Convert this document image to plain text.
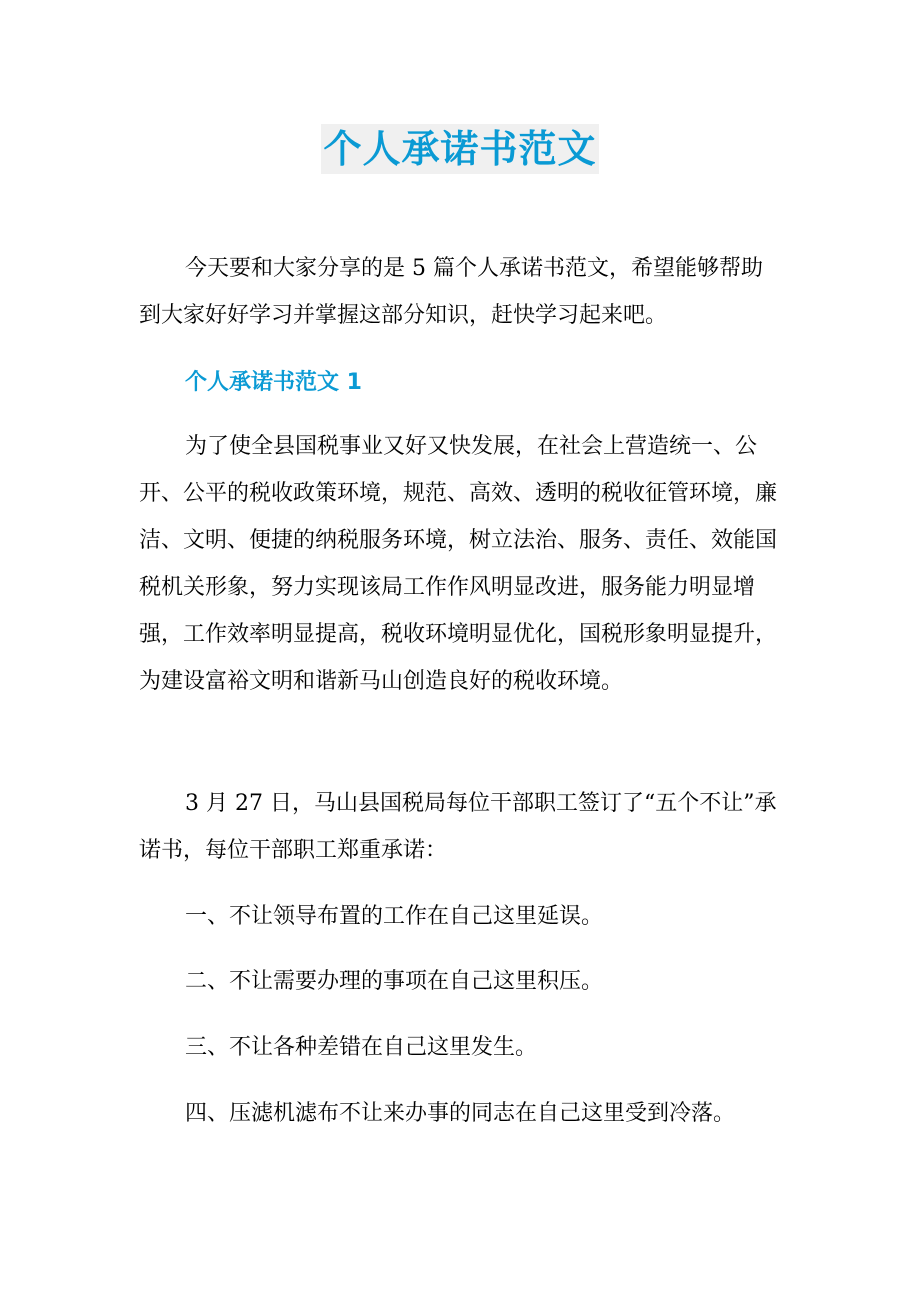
个人承诺书范文

今天要和大家分享的是 5 篇个人承诺书范文，希望能够帮助到大家好好学习并掌握这部分知识，赶快学习起来吧。

个人承诺书范文 1

为了使全县国税事业又好又快发展，在社会上营造统一、公开、公平的税收政策环境，规范、高效、透明的税收征管环境，廉洁、文明、便捷的纳税服务环境，树立法治、服务、责任、效能国税机关形象，努力实现该局工作作风明显改进，服务能力明显增强，工作效率明显提高，税收环境明显优化，国税形象明显提升，为建设富裕文明和谐新马山创造良好的税收环境。

3 月 27 日，马山县国税局每位干部职工签订了“五个不让”承诺书，每位干部职工郑重承诺：

一、不让领导布置的工作在自己这里延误。

二、不让需要办理的事项在自己这里积压。

三、不让各种差错在自己这里发生。

四、压滤机滤布不让来办事的同志在自己这里受到冷落。
